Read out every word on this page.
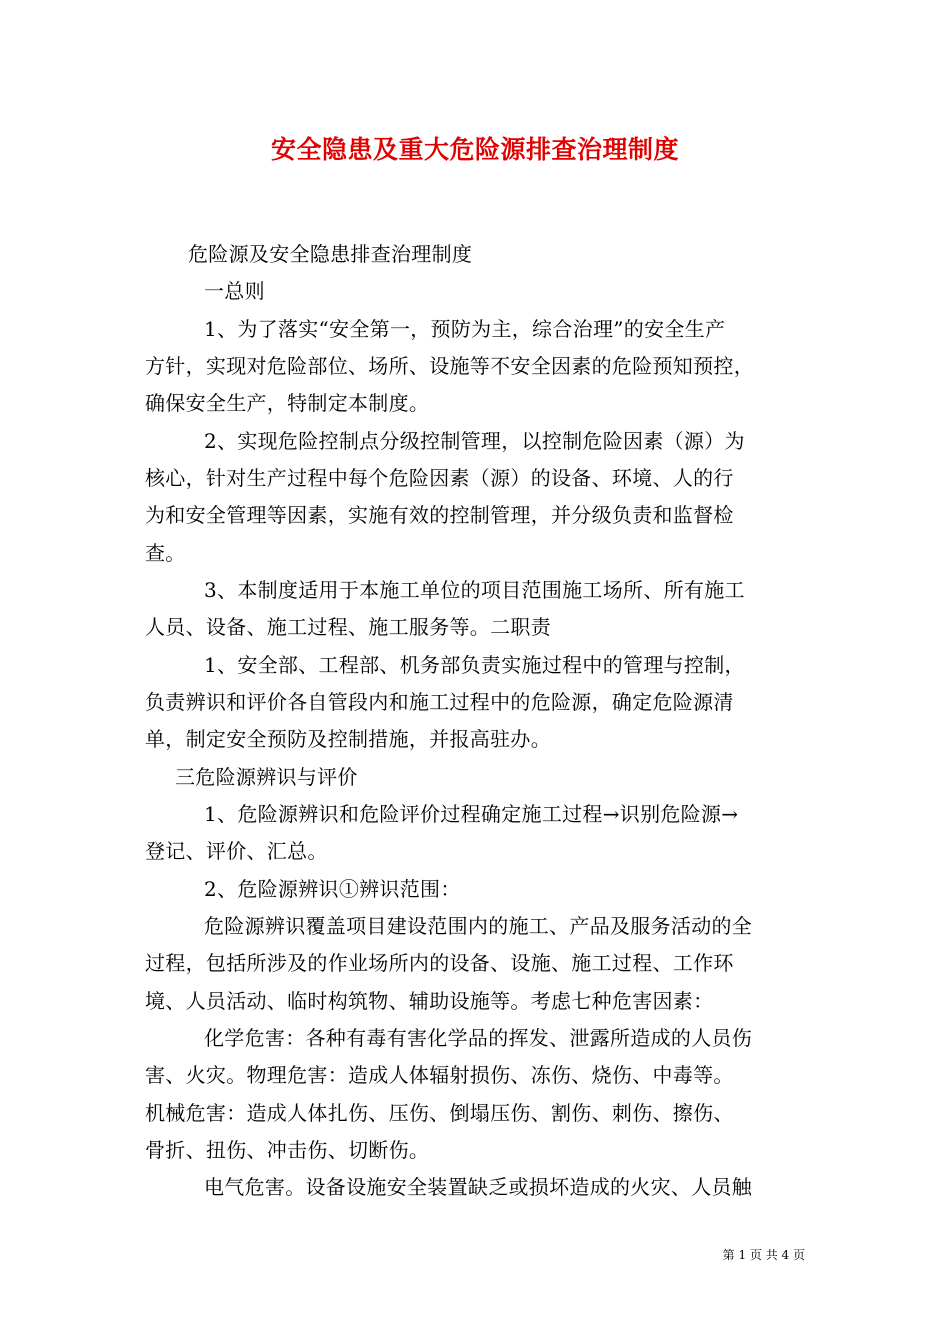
安全隐患及重大危险源排查治理制度
危险源及安全隐患排查治理制度
一总则
1、为了落实“安全第一，预防为主，综合治理”的安全生产
方针，实现对危险部位、场所、设施等不安全因素的危险预知预控，
确保安全生产，特制定本制度。
2、实现危险控制点分级控制管理，以控制危险因素（源）为
核心，针对生产过程中每个危险因素（源）的设备、环境、人的行
为和安全管理等因素，实施有效的控制管理，并分级负责和监督检
查。
3、本制度适用于本施工单位的项目范围施工场所、所有施工
人员、设备、施工过程、施工服务等。二职责
1、安全部、工程部、机务部负责实施过程中的管理与控制，
负责辨识和评价各自管段内和施工过程中的危险源，确定危险源清
单，制定安全预防及控制措施，并报高驻办。
三危险源辨识与评价
1、危险源辨识和危险评价过程确定施工过程→识别危险源→
登记、评价、汇总。
2、危险源辨识①辨识范围：
危险源辨识覆盖项目建设范围内的施工、产品及服务活动的全
过程，包括所涉及的作业场所内的设备、设施、施工过程、工作环
境、人员活动、临时构筑物、辅助设施等。考虑七种危害因素：
化学危害：各种有毒有害化学品的挥发、泄露所造成的人员伤
害、火灾。物理危害：造成人体辐射损伤、冻伤、烧伤、中毒等。
机械危害：造成人体扎伤、压伤、倒塌压伤、割伤、刺伤、擦伤、
骨折、扭伤、冲击伤、切断伤。
电气危害。设备设施安全装置缺乏或损坏造成的火灾、人员触
第 1 页 共 4 页
